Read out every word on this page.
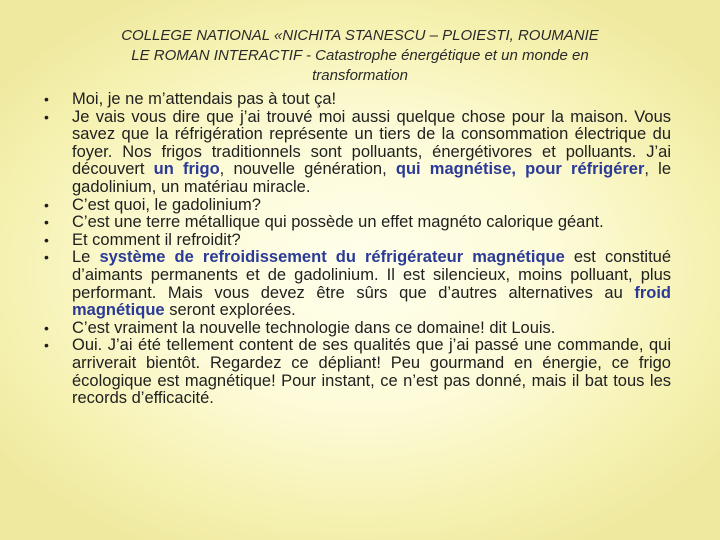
COLLEGE NATIONAL «NICHITA STANESCU – PLOIESTI, ROUMANIE
LE ROMAN INTERACTIF - Catastrophe énergétique et un monde en
transformation
• Moi, je ne m’attendais pas à tout ça!
• Je vais vous dire que j’ai trouvé moi aussi quelque chose pour la maison. Vous savez que la réfrigération représente un tiers de la consommation électrique du foyer. Nos frigos traditionnels sont polluants, énergétivores et polluants. J’ai découvert un frigo, nouvelle génération, qui magnétise, pour réfrigérer, le gadolinium, un matériau miracle.
• C’est quoi, le gadolinium?
• C’est une terre métallique qui possède un effet magnéto calorique géant.
• Et comment il refroidit?
• Le système de refroidissement du réfrigérateur magnétique est constitué d’aimants permanents et de gadolinium. Il est silencieux, moins polluant, plus performant. Mais vous devez être sûrs que d’autres alternatives au froid magnétique seront explorées.
• C’est vraiment la nouvelle technologie dans ce domaine! dit Louis.
• Oui. J’ai été tellement content de ses qualités que j’ai passé une commande, qui arriverait bientôt. Regardez ce dépliant! Peu gourmand en énergie, ce frigo écologique est magnétique! Pour instant, ce n’est pas donné, mais il bat tous les records d’efficacité.
